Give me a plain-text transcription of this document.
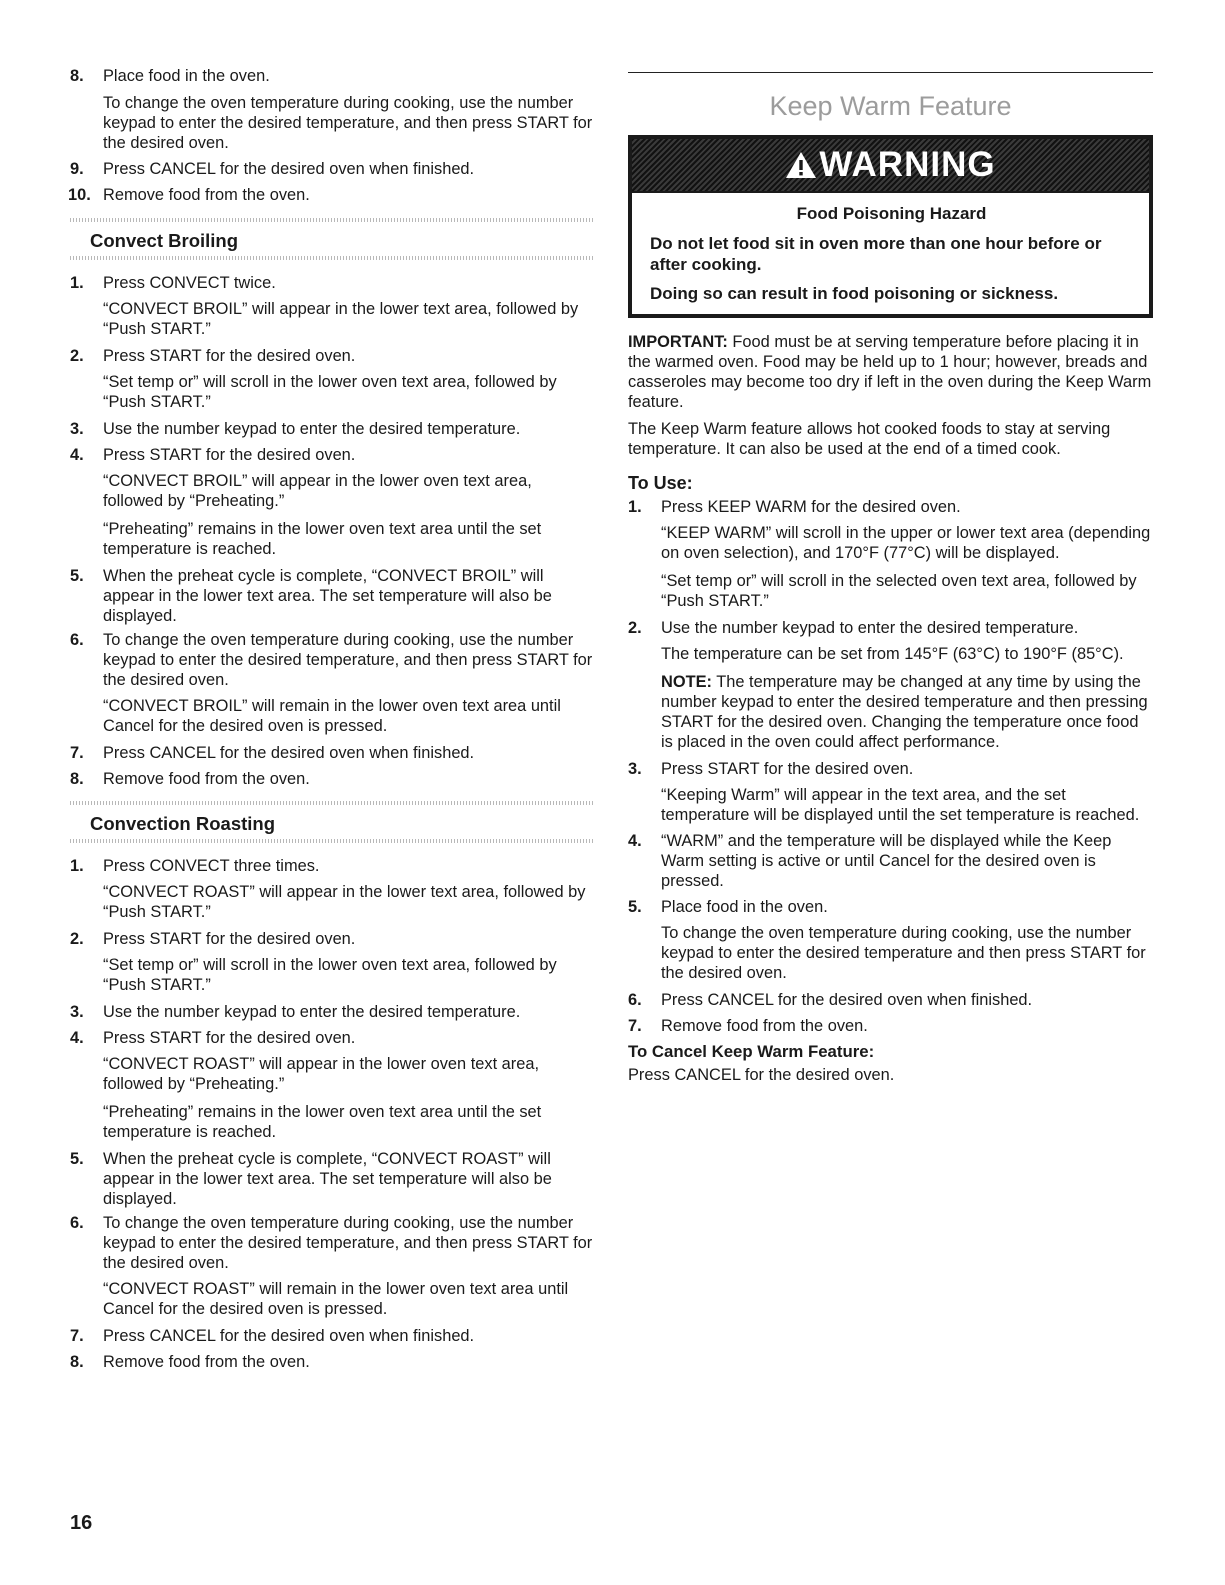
8. Place food in the oven.
To change the oven temperature during cooking, use the number keypad to enter the desired temperature, and then press START for the desired oven.
9. Press CANCEL for the desired oven when finished.
10. Remove food from the oven.
Convect Broiling
1. Press CONVECT twice.
“CONVECT BROIL” will appear in the lower text area, followed by “Push START.”
2. Press START for the desired oven.
“Set temp or” will scroll in the lower oven text area, followed by “Push START.”
3. Use the number keypad to enter the desired temperature.
4. Press START for the desired oven.
“CONVECT BROIL” will appear in the lower oven text area, followed by “Preheating.”
“Preheating” remains in the lower oven text area until the set temperature is reached.
5. When the preheat cycle is complete, “CONVECT BROIL” will appear in the lower text area. The set temperature will also be displayed.
6. To change the oven temperature during cooking, use the number keypad to enter the desired temperature, and then press START for the desired oven.
“CONVECT BROIL” will remain in the lower oven text area until Cancel for the desired oven is pressed.
7. Press CANCEL for the desired oven when finished.
8. Remove food from the oven.
Convection Roasting
1. Press CONVECT three times.
“CONVECT ROAST” will appear in the lower text area, followed by “Push START.”
2. Press START for the desired oven.
“Set temp or” will scroll in the lower oven text area, followed by “Push START.”
3. Use the number keypad to enter the desired temperature.
4. Press START for the desired oven.
“CONVECT ROAST” will appear in the lower oven text area, followed by “Preheating.”
“Preheating” remains in the lower oven text area until the set temperature is reached.
5. When the preheat cycle is complete, “CONVECT ROAST” will appear in the lower text area. The set temperature will also be displayed.
6. To change the oven temperature during cooking, use the number keypad to enter the desired temperature, and then press START for the desired oven.
“CONVECT ROAST” will remain in the lower oven text area until Cancel for the desired oven is pressed.
7. Press CANCEL for the desired oven when finished.
8. Remove food from the oven.
Keep Warm Feature
WARNING
Food Poisoning Hazard

Do not let food sit in oven more than one hour before or after cooking.

Doing so can result in food poisoning or sickness.

IMPORTANT: Food must be at serving temperature before placing it in the warmed oven. Food may be held up to 1 hour; however, breads and casseroles may become too dry if left in the oven during the Keep Warm feature.

The Keep Warm feature allows hot cooked foods to stay at serving temperature. It can also be used at the end of a timed cook.

To Use:
1. Press KEEP WARM for the desired oven.
“KEEP WARM” will scroll in the upper or lower text area (depending on oven selection), and 170°F (77°C) will be displayed.
“Set temp or” will scroll in the selected oven text area, followed by “Push START.”
2. Use the number keypad to enter the desired temperature.
The temperature can be set from 145°F (63°C) to 190°F (85°C).
NOTE: The temperature may be changed at any time by using the number keypad to enter the desired temperature and then pressing START for the desired oven. Changing the temperature once food is placed in the oven could affect performance.
3. Press START for the desired oven.
“Keeping Warm” will appear in the text area, and the set temperature will be displayed until the set temperature is reached.
4. “WARM” and the temperature will be displayed while the Keep Warm setting is active or until Cancel for the desired oven is pressed.
5. Place food in the oven.
To change the oven temperature during cooking, use the number keypad to enter the desired temperature and then press START for the desired oven.
6. Press CANCEL for the desired oven when finished.
7. Remove food from the oven.
To Cancel Keep Warm Feature:

Press CANCEL for the desired oven.

16
